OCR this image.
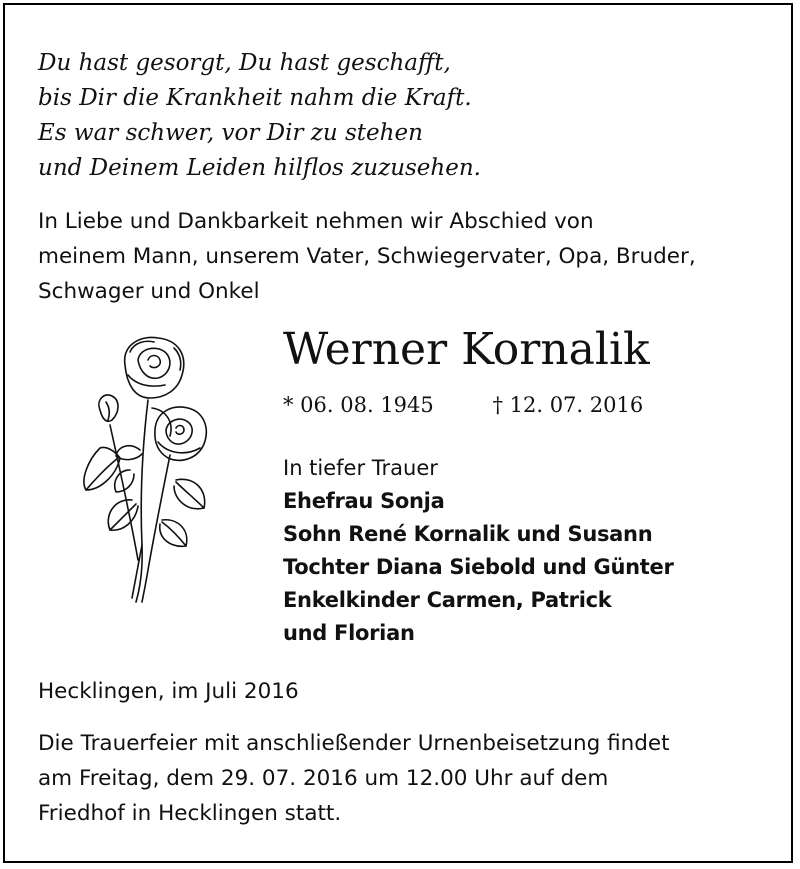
Du hast gesorgt, Du hast geschafft,
bis Dir die Krankheit nahm die Kraft.
Es war schwer, vor Dir zu stehen
und Deinem Leiden hilflos zuzusehen.
In Liebe und Dankbarkeit nehmen wir Abschied von
meinem Mann, unserem Vater, Schwiegervater, Opa, Bruder,
Schwager und Onkel
Werner Kornalik
* 06. 08. 1945	† 12. 07. 2016
In tiefer Trauer
Ehefrau Sonja
Sohn René Kornalik und Susann
Tochter Diana Siebold und Günter
Enkelkinder Carmen, Patrick
und Florian
Hecklingen, im Juli 2016
Die Trauerfeier mit anschließender Urnenbeisetzung findet
am Freitag, dem 29. 07. 2016 um 12.00 Uhr auf dem
Friedhof in Hecklingen statt.
